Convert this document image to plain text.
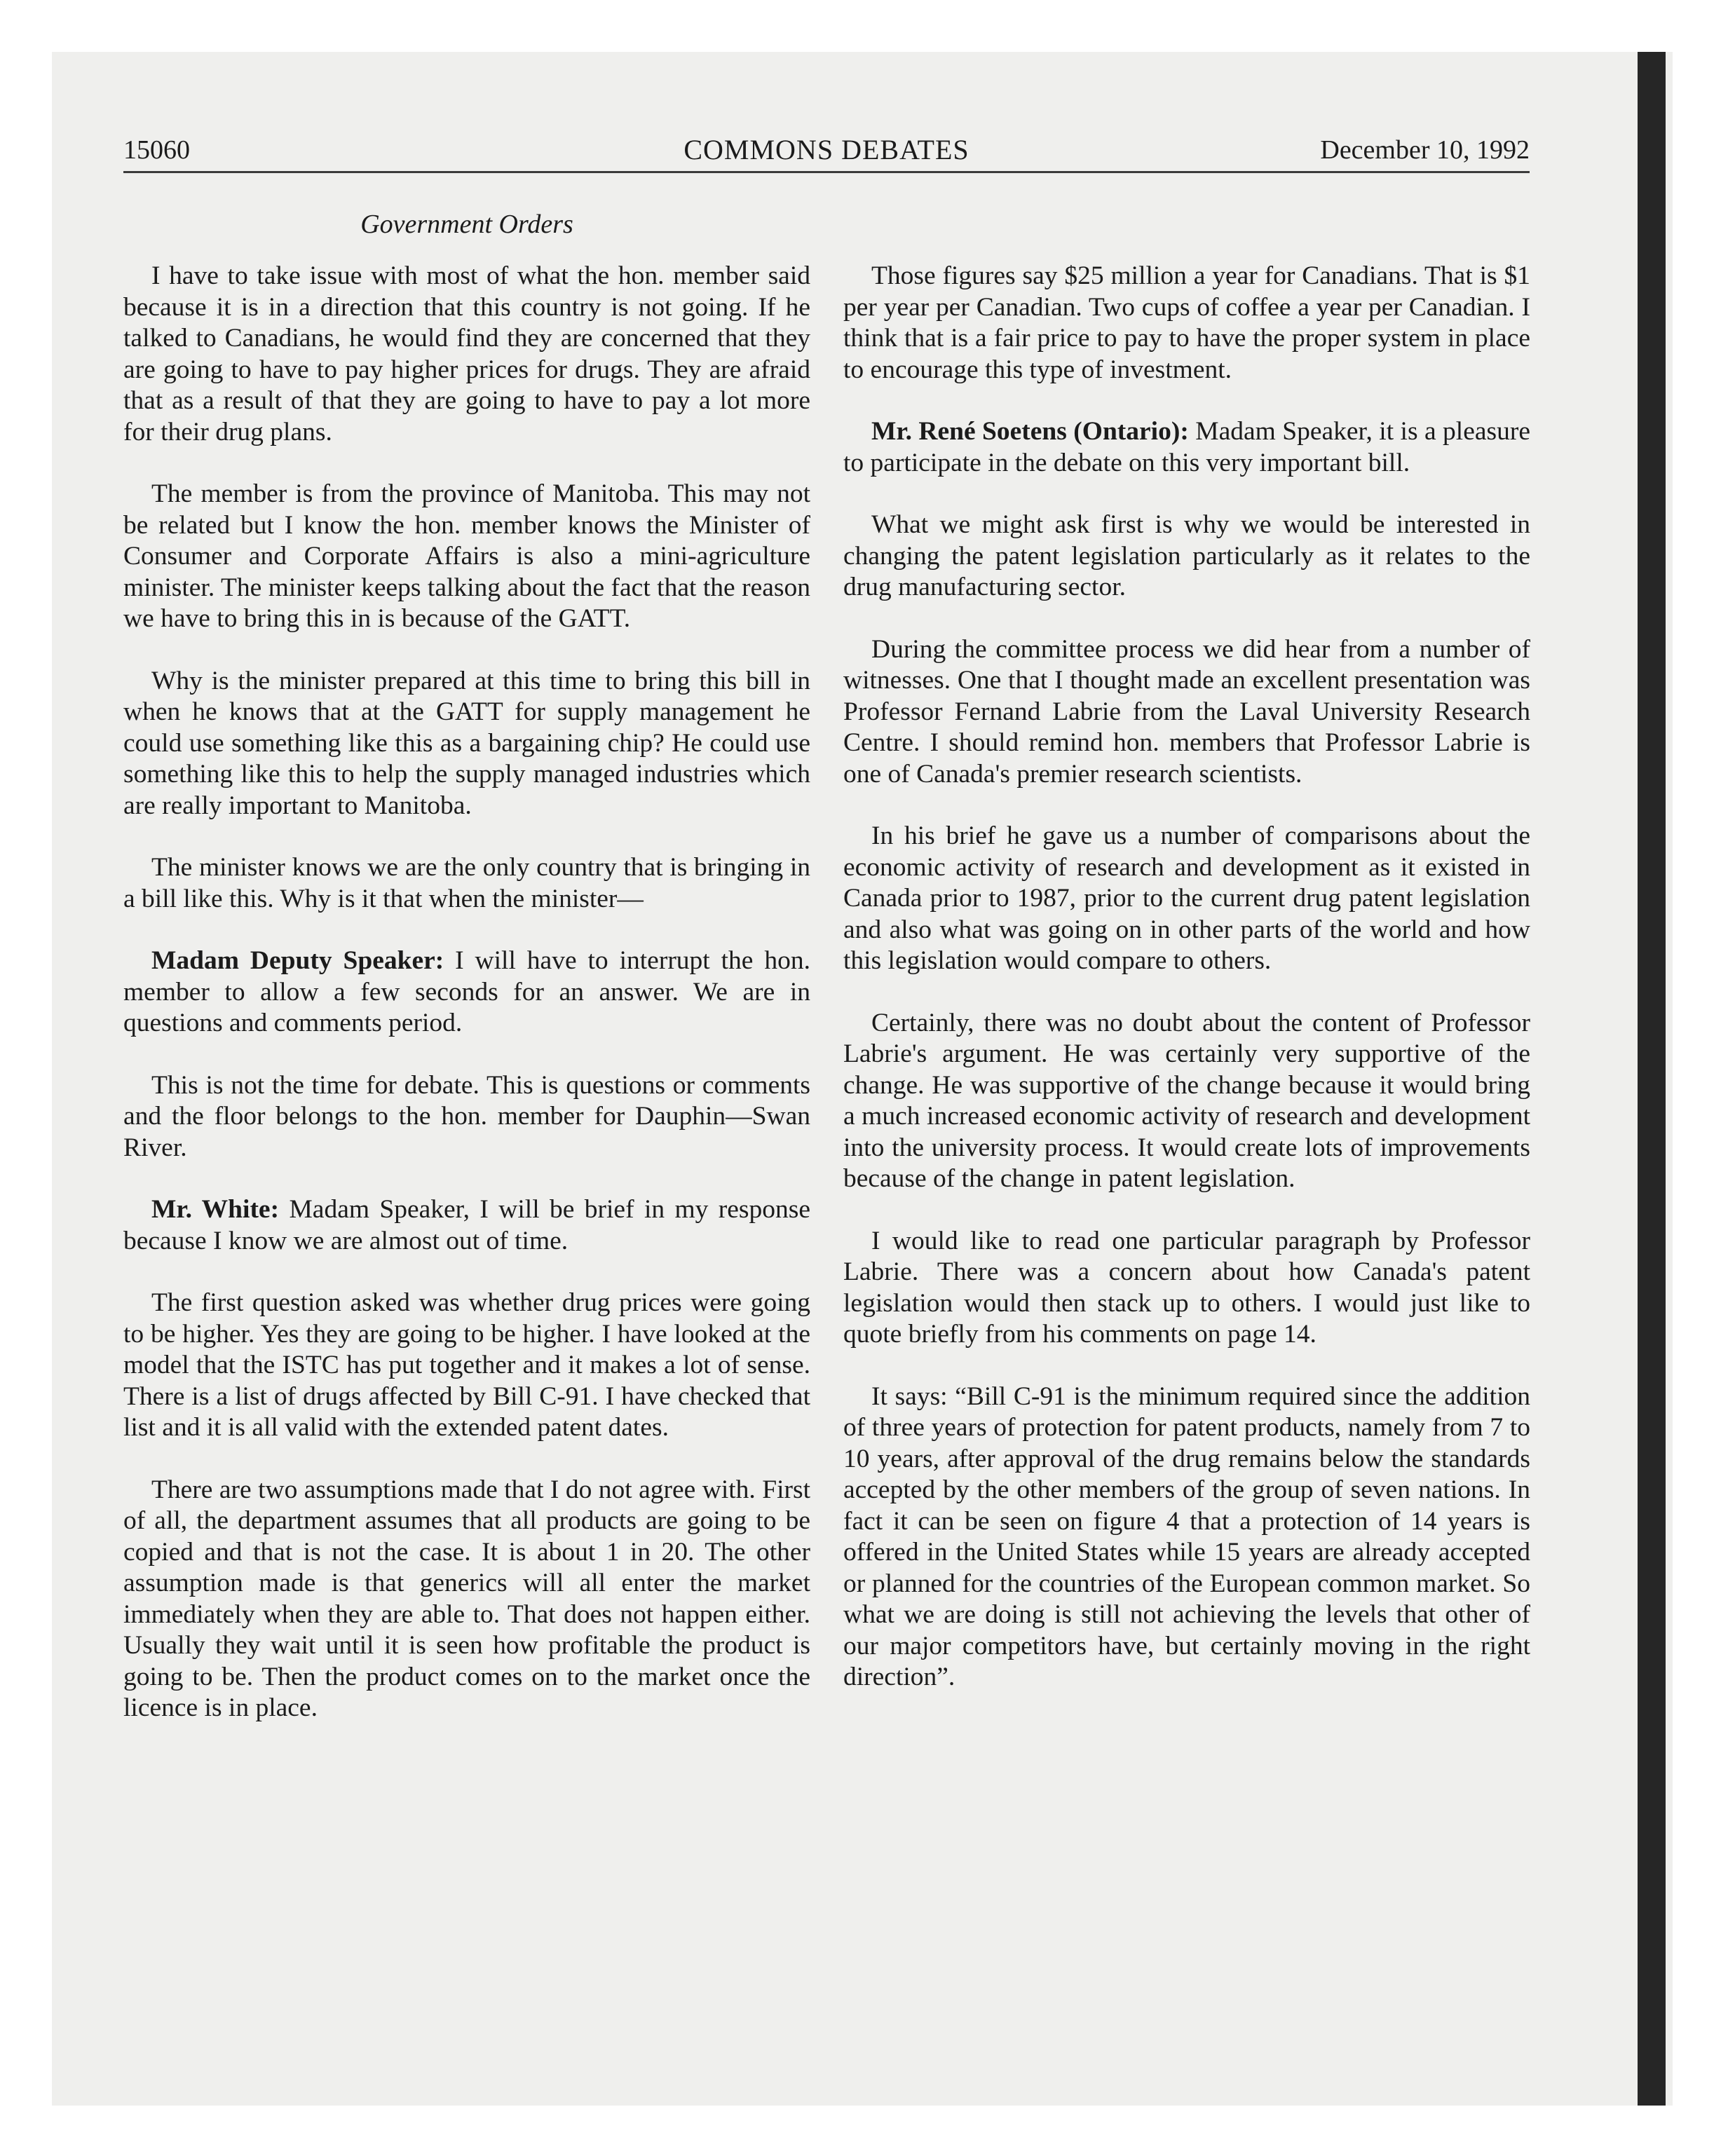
15060	COMMONS DEBATES	December 10, 1992
Government Orders

I have to take issue with most of what the hon. member said because it is in a direction that this country is not going. If he talked to Canadians, he would find they are concerned that they are going to have to pay higher prices for drugs. They are afraid that as a result of that they are going to have to pay a lot more for their drug plans.

The member is from the province of Manitoba. This may not be related but I know the hon. member knows the Minister of Consumer and Corporate Affairs is also a mini-agriculture minister. The minister keeps talking about the fact that the reason we have to bring this in is because of the GATT.

Why is the minister prepared at this time to bring this bill in when he knows that at the GATT for supply management he could use something like this as a bargaining chip? He could use something like this to help the supply managed industries which are really important to Manitoba.

The minister knows we are the only country that is bringing in a bill like this. Why is it that when the minister—

Madam Deputy Speaker: I will have to interrupt the hon. member to allow a few seconds for an answer. We are in questions and comments period.

This is not the time for debate. This is questions or comments and the floor belongs to the hon. member for Dauphin—Swan River.

Mr. White: Madam Speaker, I will be brief in my response because I know we are almost out of time.

The first question asked was whether drug prices were going to be higher. Yes they are going to be higher. I have looked at the model that the ISTC has put together and it makes a lot of sense. There is a list of drugs affected by Bill C-91. I have checked that list and it is all valid with the extended patent dates.

There are two assumptions made that I do not agree with. First of all, the department assumes that all products are going to be copied and that is not the case. It is about 1 in 20. The other assumption made is that generics will all enter the market immediately when they are able to. That does not happen either. Usually they wait until it is seen how profitable the product is going to be. Then the product comes on to the market once the licence is in place.

Those figures say $25 million a year for Canadians. That is $1 per year per Canadian. Two cups of coffee a year per Canadian. I think that is a fair price to pay to have the proper system in place to encourage this type of investment.

Mr. René Soetens (Ontario): Madam Speaker, it is a pleasure to participate in the debate on this very important bill.

What we might ask first is why we would be interested in changing the patent legislation particularly as it relates to the drug manufacturing sector.

During the committee process we did hear from a number of witnesses. One that I thought made an excellent presentation was Professor Fernand Labrie from the Laval University Research Centre. I should remind hon. members that Professor Labrie is one of Canada's premier research scientists.

In his brief he gave us a number of comparisons about the economic activity of research and development as it existed in Canada prior to 1987, prior to the current drug patent legislation and also what was going on in other parts of the world and how this legislation would compare to others.

Certainly, there was no doubt about the content of Professor Labrie's argument. He was certainly very supportive of the change. He was supportive of the change because it would bring a much increased economic activity of research and development into the university process. It would create lots of improvements because of the change in patent legislation.

I would like to read one particular paragraph by Professor Labrie. There was a concern about how Canada's patent legislation would then stack up to others. I would just like to quote briefly from his comments on page 14.

It says: “Bill C-91 is the minimum required since the addition of three years of protection for patent products, namely from 7 to 10 years, after approval of the drug remains below the standards accepted by the other members of the group of seven nations. In fact it can be seen on figure 4 that a protection of 14 years is offered in the United States while 15 years are already accepted or planned for the countries of the European common market. So what we are doing is still not achieving the levels that other of our major competitors have, but certainly moving in the right direction”.
